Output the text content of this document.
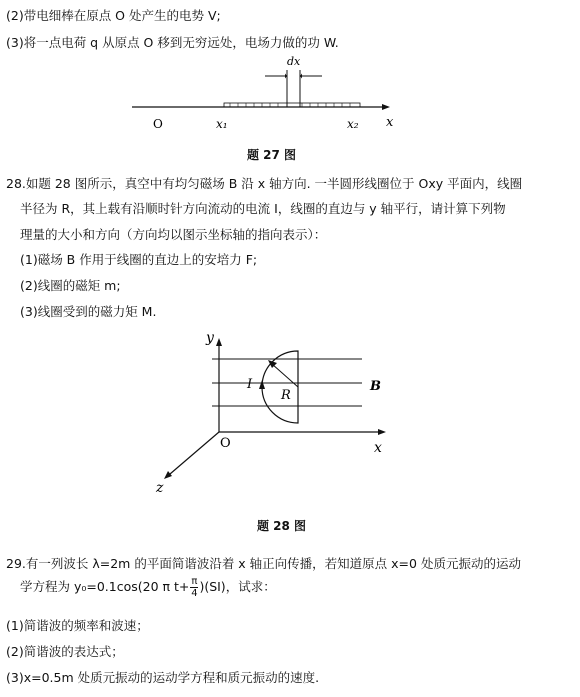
(2)带电细棒在原点 O 处产生的电势 V;
(3)将一点电荷 q 从原点 O 移到无穷远处，电场力做的功 W.
dx
O	x₁	x₂ x
题 27 图
28.如题 28 图所示，真空中有均匀磁场 B 沿 x 轴方向. 一半圆形线圈位于 Oxy 平面内，线圈
半径为 R，其上载有沿顺时针方向流动的电流 I，线圈的直边与 y 轴平行，请计算下列物
理量的大小和方向（方向均以图示坐标轴的指向表示）：
(1)磁场 B 作用于线圈的直边上的安培力 F;
(2)线圈的磁矩 m;
(3)线圈受到的磁力矩 M.
I
R
B
y
x
z
O
题 28 图
29.有一列波长 λ=2m 的平面简谐波沿着 x 轴正向传播，若知道原点 x=0 处质元振动的运动
学方程为 y₀=0.1cos(20 π $t+ \frac{\pi}{4} )(SI)$，试求：
(1)简谐波的频率和波速；
(2)简谐波的表达式；
(3)x=0.5m 处质元振动的运动学方程和质元振动的速度.
